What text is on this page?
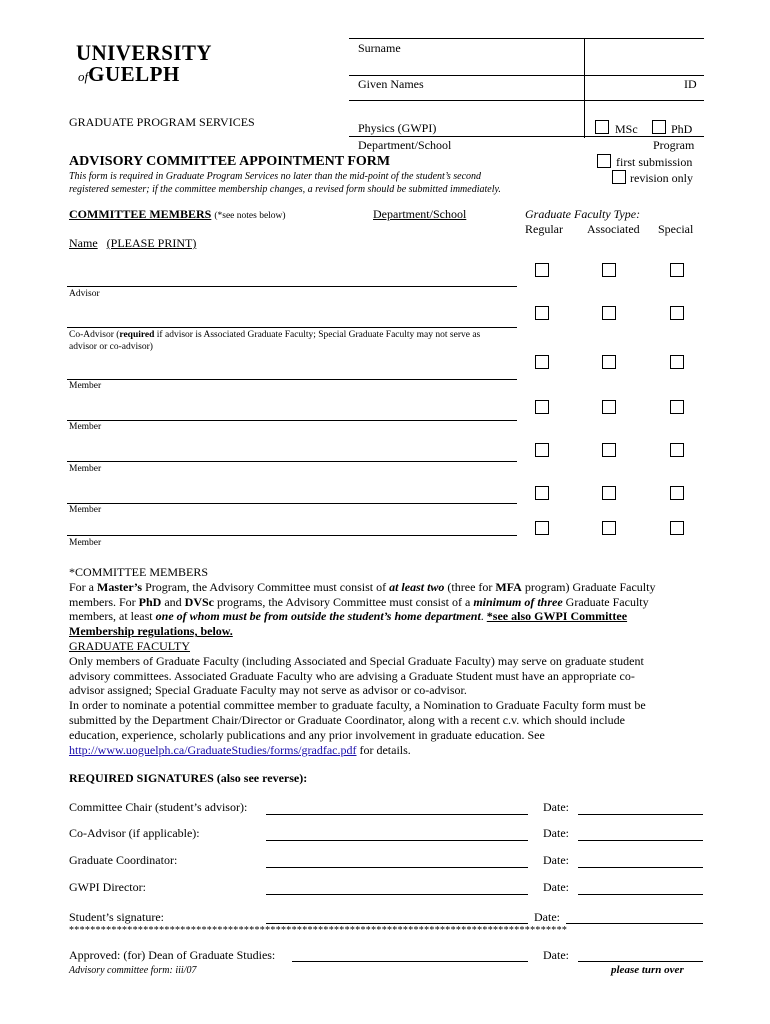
UNIVERSITY
ofGUELPH
GRADUATE PROGRAM SERVICES
Surname
Given Names	ID
Physics (GWPI)	MSc	PhD
Department/School	Program
first submission
revision only
ADVISORY COMMITTEE APPOINTMENT FORM
This form is required in Graduate Program Services no later than the mid-point of the student’s second
registered semester; if the committee membership changes, a revised form should be submitted immediately.
COMMITTEE MEMBERS (*see notes below)	Department/School	Graduate Faculty Type:
Regular Associated Special
Name (PLEASE PRINT)
Advisor
Co-Advisor (required if advisor is Associated Graduate Faculty; Special Graduate Faculty may not serve as
advisor or co-advisor)
Member
Member
Member
Member
Member
*COMMITTEE MEMBERS
For a Master’s Program, the Advisory Committee must consist of at least two (three for MFA program) Graduate Faculty
members. For PhD and DVSc programs, the Advisory Committee must consist of a minimum of three Graduate Faculty
members, at least one of whom must be from outside the student’s home department. *see also GWPI Committee
Membership regulations, below.
GRADUATE FACULTY
Only members of Graduate Faculty (including Associated and Special Graduate Faculty) may serve on graduate student
advisory committees. Associated Graduate Faculty who are advising a Graduate Student must have an appropriate co-
advisor assigned; Special Graduate Faculty may not serve as advisor or co-advisor.
In order to nominate a potential committee member to graduate faculty, a Nomination to Graduate Faculty form must be
submitted by the Department Chair/Director or Graduate Coordinator, along with a recent c.v. which should include
education, experience, scholarly publications and any prior involvement in graduate education. See
http://www.uoguelph.ca/GraduateStudies/forms/gradfac.pdf for details.
REQUIRED SIGNATURES (also see reverse):
Committee Chair (student’s advisor):	Date:
Co-Advisor (if applicable):	Date:
Graduate Coordinator:	Date:
GWPI Director:	Date:
Student’s signature:	Date:
**********************************************************************************************
Approved: (for) Dean of Graduate Studies:	Date:
Advisory committee form: iii/07	please turn over
